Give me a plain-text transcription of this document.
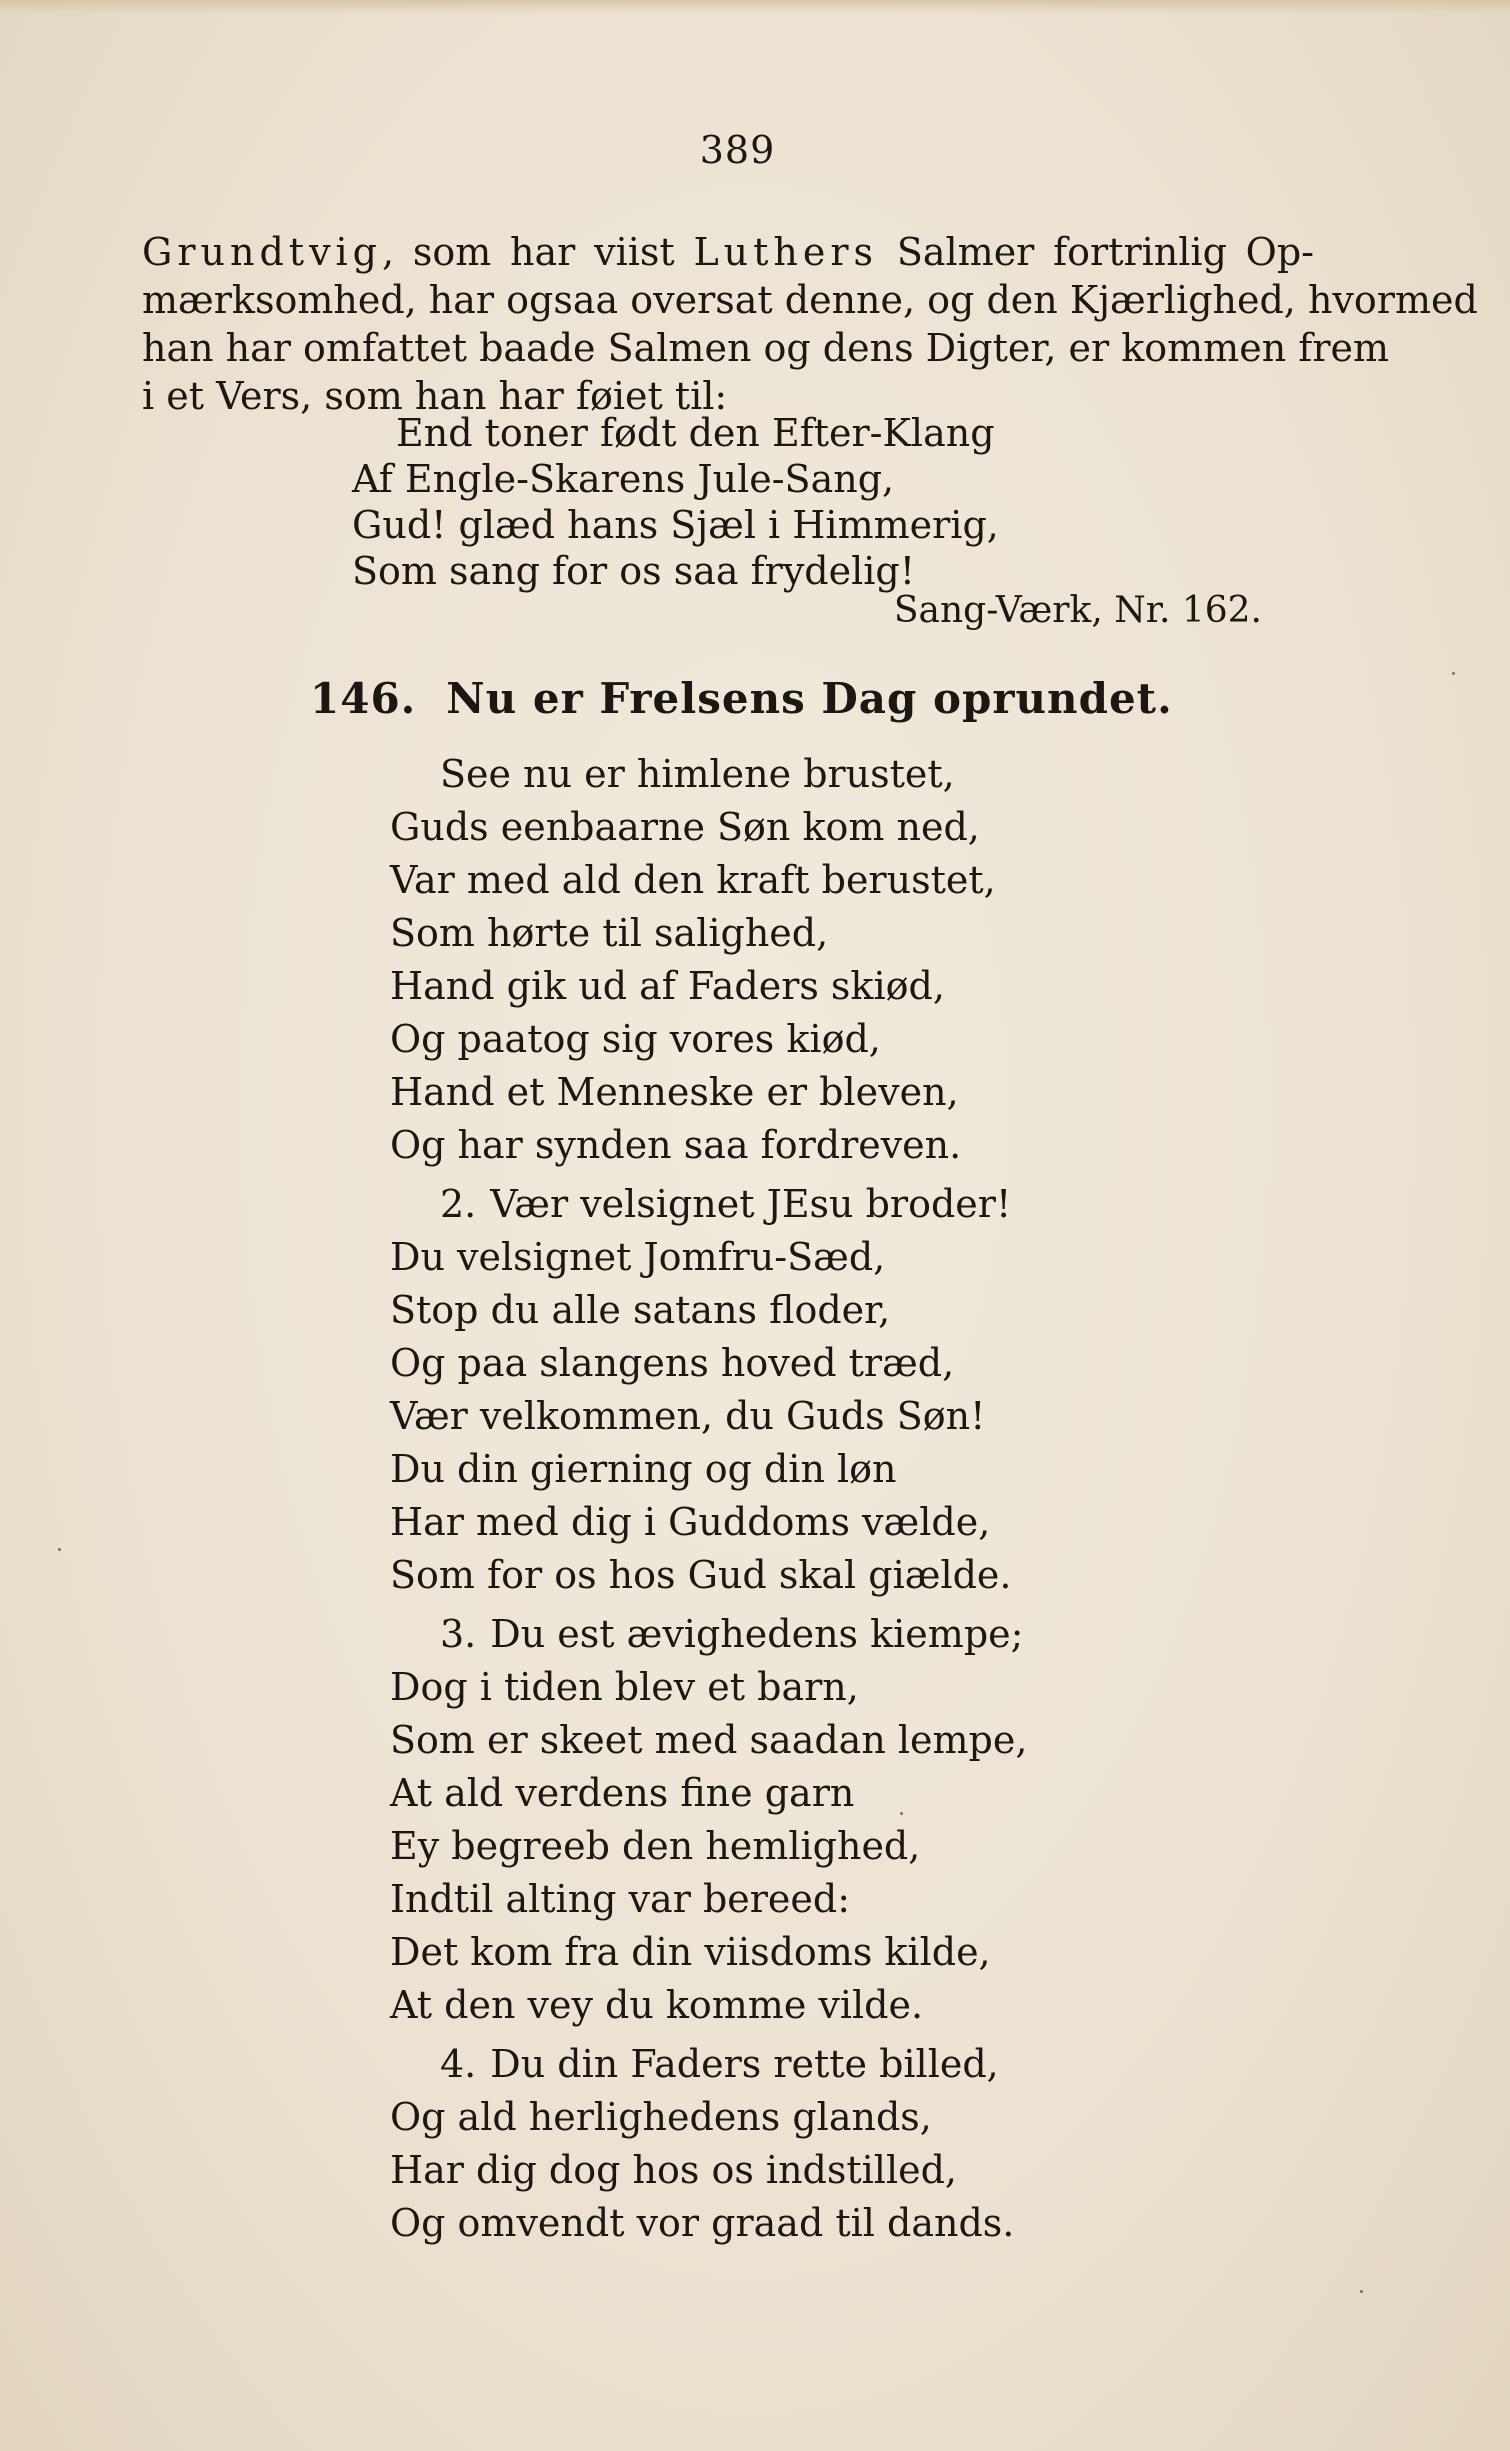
389
Grundtvig, som har viist Luthers Salmer fortrinlig Op-
mærksomhed, har ogsaa oversat denne, og den Kjærlighed, hvormed
han har omfattet baade Salmen og dens Digter, er kommen frem
i et Vers, som han har føiet til:
End toner født den Efter-Klang
Af Engle-Skarens Jule-Sang,
Gud! glæd hans Sjæl i Himmerig,
Som sang for os saa frydelig!
Sang-Værk, Nr. 162.
146. Nu er Frelsens Dag oprundet.
See nu er himlene brustet,
Guds eenbaarne Søn kom ned,
Var med ald den kraft berustet,
Som hørte til salighed,
Hand gik ud af Faders skiød,
Og paatog sig vores kiød,
Hand et Menneske er bleven,
Og har synden saa fordreven.
2. Vær velsignet JEsu broder!
Du velsignet Jomfru-Sæd,
Stop du alle satans floder,
Og paa slangens hoved træd,
Vær velkommen, du Guds Søn!
Du din gierning og din løn
Har med dig i Guddoms vælde,
Som for os hos Gud skal giælde.
3. Du est ævighedens kiempe;
Dog i tiden blev et barn,
Som er skeet med saadan lempe,
At ald verdens fine garn
Ey begreeb den hemlighed,
Indtil alting var bereed:
Det kom fra din viisdoms kilde,
At den vey du komme vilde.
4. Du din Faders rette billed,
Og ald herlighedens glands,
Har dig dog hos os indstilled,
Og omvendt vor graad til dands.
